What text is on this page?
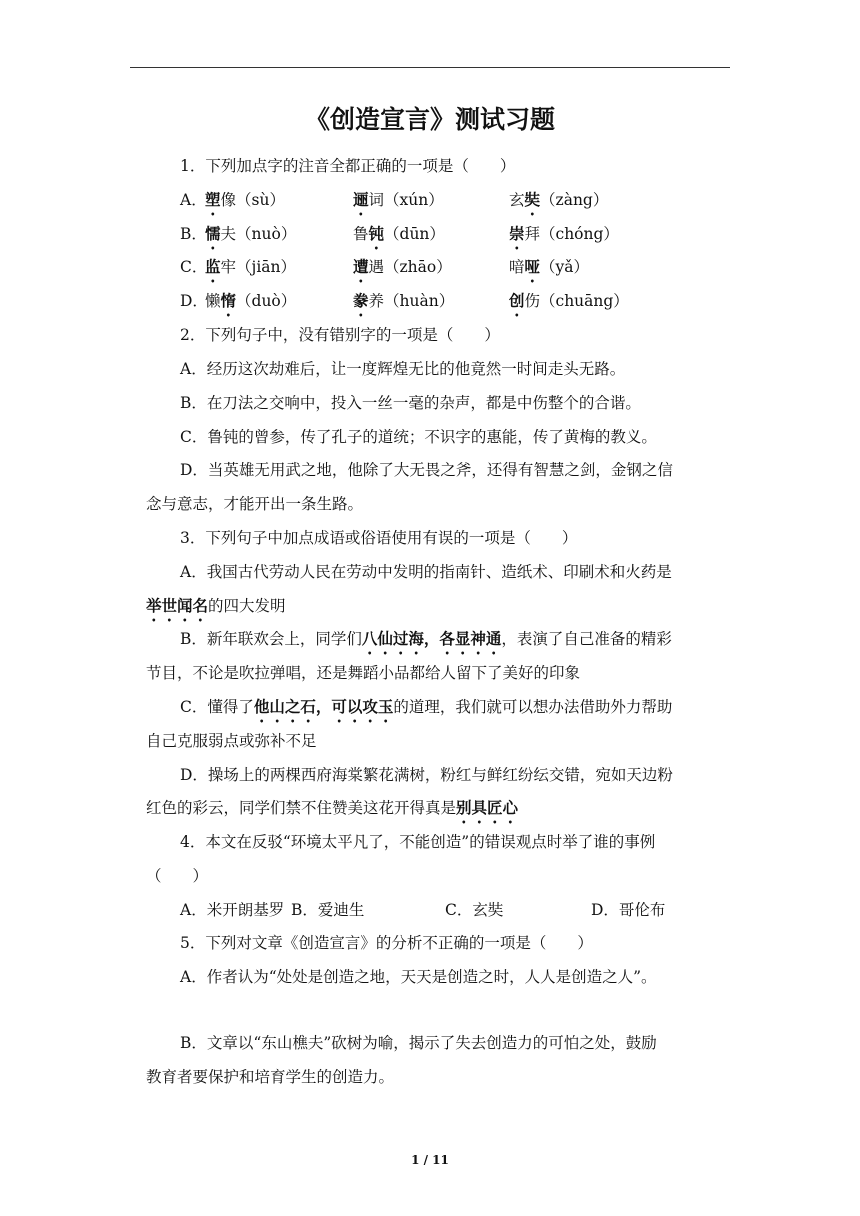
《创造宣言》测试习题
1．下列加点字的注音全都正确的一项是（　　）
A．
塑像（sù）	逦词（xún）	玄奘（zàng）
B．
懦夫（nuò）	鲁钝（dūn）	崇拜（chóng）
C．
监牢（jiān）	遭遇（zhāo）	喑哑（yǎ）
D．
懒惰（duò）	豢养（huàn）	创伤（chuāng）
2．下列句子中，没有错别字的一项是（　　）
A．经历这次劫难后，让一度辉煌无比的他竟然一时间走头无路。
B．在刀法之交响中，投入一丝一毫的杂声，都是中伤整个的合谐。
C．鲁钝的曾参，传了孔子的道统；不识字的惠能，传了黄梅的教义。
D．当英雄无用武之地，他除了大无畏之斧，还得有智慧之剑，金钢之信
念与意志，才能开出一条生路。
3．下列句子中加点成语或俗语使用有误的一项是（　　）
A．我国古代劳动人民在劳动中发明的指南针、造纸术、印刷术和火药是
举世闻名的四大发明
B．新年联欢会上，同学们八仙过海，各显神通，表演了自己准备的精彩
节目，不论是吹拉弹唱，还是舞蹈小品都给人留下了美好的印象
C．懂得了他山之石，可以攻玉的道理，我们就可以想办法借助外力帮助
自己克服弱点或弥补不足
D．操场上的两棵西府海棠繁花满树，粉红与鲜红纷纭交错，宛如天边粉
红色的彩云，同学们禁不住赞美这花开得真是别具匠心
4．本文在反驳“环境太平凡了，不能创造”的错误观点时举了谁的事例
（　　）
A．米开朗基罗 B．爱迪生	C．玄奘	D．哥伦布
5．下列对文章《创造宣言》的分析不正确的一项是（　　）
A．作者认为“处处是创造之地，天天是创造之时，人人是创造之人”。
B．文章以“东山樵夫”砍树为喻，揭示了失去创造力的可怕之处，鼓励
教育者要保护和培育学生的创造力。
1 / 11
